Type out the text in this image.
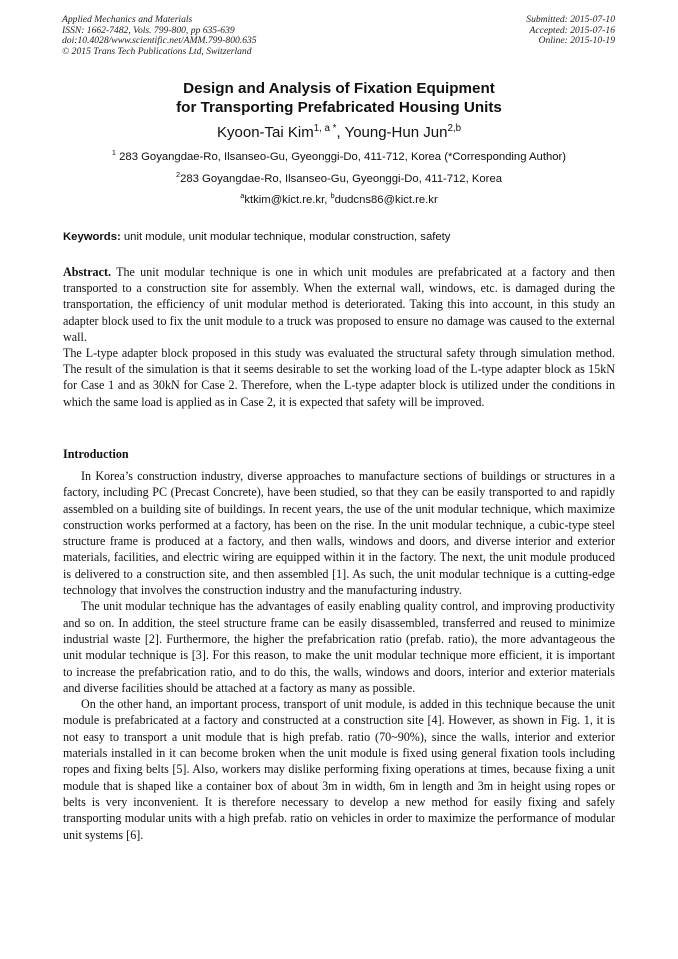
Applied Mechanics and Materials
ISSN: 1662-7482, Vols. 799-800, pp 635-639
doi:10.4028/www.scientific.net/AMM.799-800.635
© 2015 Trans Tech Publications Ltd, Switzerland
Submitted: 2015-07-10
Accepted: 2015-07-16
Online: 2015-10-19
Design and Analysis of Fixation Equipment
for Transporting Prefabricated Housing Units
Kyoon-Tai Kim$^{1, a *}$, Young-Hun Jun$^{2,b}$
$^1$ 283 Goyangdae-Ro, Ilsanseo-Gu, Gyeonggi-Do, 411-712, Korea (*Corresponding Author)
$^2$283 Goyangdae-Ro, Ilsanseo-Gu, Gyeonggi-Do, 411-712, Korea
$^a$ktkim@kict.re.kr, $^b$dudcns86@kict.re.kr
Keywords: unit module, unit modular technique, modular construction, safety

Abstract. The unit modular technique is one in which unit modules are prefabricated at a factory and then transported to a construction site for assembly. When the external wall, windows, etc. is damaged during the transportation, the efficiency of unit modular method is deteriorated. Taking this into account, in this study an adapter block used to fix the unit module to a truck was proposed to ensure no damage was caused to the external wall.

The L-type adapter block proposed in this study was evaluated the structural safety through simulation method. The result of the simulation is that it seems desirable to set the working load of the L-type adapter block as 15kN for Case 1 and as 30kN for Case 2. Therefore, when the L-type adapter block is utilized under the conditions in which the same load is applied as in Case 2, it is expected that safety will be improved.

Introduction

In Korea’s construction industry, diverse approaches to manufacture sections of buildings or structures in a factory, including PC (Precast Concrete), have been studied, so that they can be easily transported to and rapidly assembled on a building site of buildings. In recent years, the use of the unit modular technique, which maximize construction works performed at a factory, has been on the rise. In the unit modular technique, a cubic-type steel structure frame is produced at a factory, and then walls, windows and doors, and diverse interior and exterior materials, facilities, and electric wiring are equipped within it in the factory. The next, the unit module produced is delivered to a construction site, and then assembled [1]. As such, the unit modular technique is a cutting-edge technology that involves the construction industry and the manufacturing industry.

The unit modular technique has the advantages of easily enabling quality control, and improving productivity and so on. In addition, the steel structure frame can be easily disassembled, transferred and reused to minimize industrial waste [2]. Furthermore, the higher the prefabrication ratio (prefab. ratio), the more advantageous the unit modular technique is [3]. For this reason, to make the unit modular technique more efficient, it is important to increase the prefabrication ratio, and to do this, the walls, windows and doors, interior and exterior materials and diverse facilities should be attached at a factory as many as possible.

On the other hand, an important process, transport of unit module, is added in this technique because the unit module is prefabricated at a factory and constructed at a construction site [4]. However, as shown in Fig. 1, it is not easy to transport a unit module that is high prefab. ratio (70~90%), since the walls, interior and exterior materials installed in it can become broken when the unit module is fixed using general fixation tools including ropes and fixing belts [5]. Also, workers may dislike performing fixing operations at times, because fixing a unit module that is shaped like a container box of about 3m in width, 6m in length and 3m in height using ropes or belts is very inconvenient. It is therefore necessary to develop a new method for easily fixing and safely transporting modular units with a high prefab. ratio on vehicles in order to maximize the performance of modular unit systems [6].
